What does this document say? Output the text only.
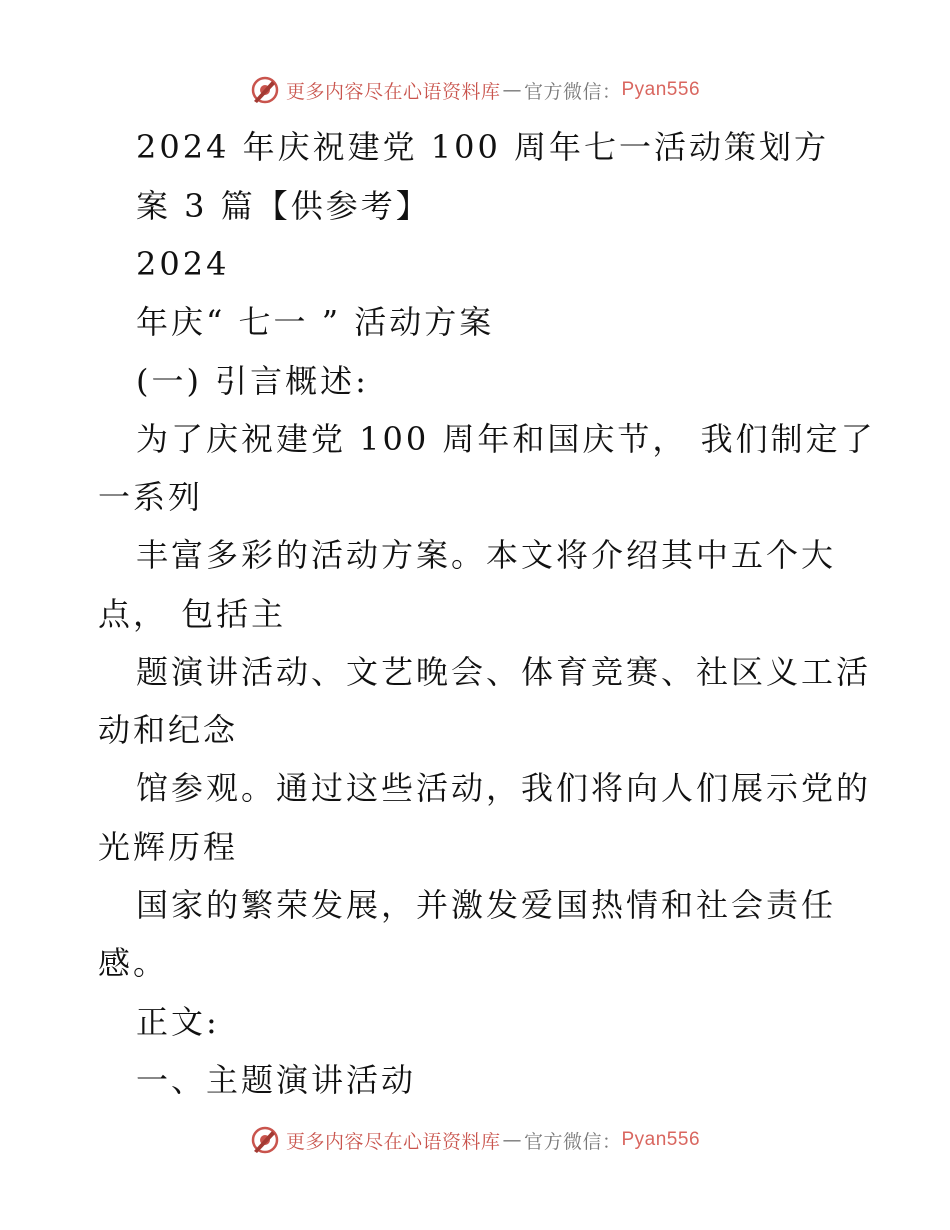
更多内容尽在心语资料库 — 官方微信： Pyan556
2024 年庆祝建党 100 周年七一活动策划方
案 3 篇【供参考】
2024
年庆“ 七一 ” 活动方案
(一) 引言概述:
为了庆祝建党 100 周年和国庆节， 我们制定了
一系列
丰富多彩的活动方案。本文将介绍其中五个大
点， 包括主
题演讲活动、文艺晚会、体育竞赛、社区义工活
动和纪念
馆参观。通过这些活动，我们将向人们展示党的
光辉历程
国家的繁荣发展，并激发爱国热情和社会责任
感。
正文:
一、主题演讲活动
更多内容尽在心语资料库 — 官方微信： Pyan556
